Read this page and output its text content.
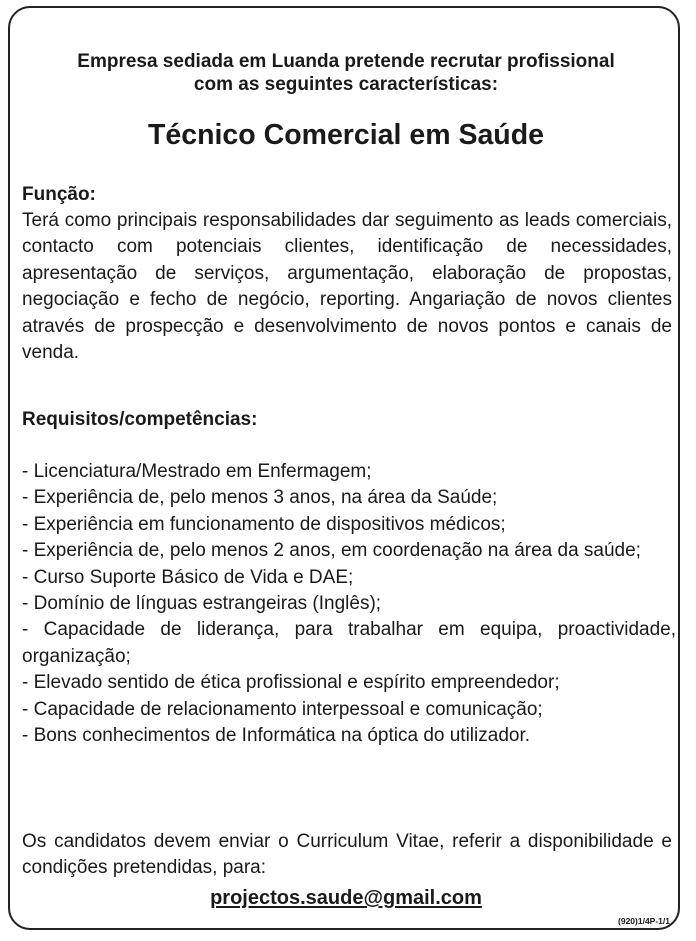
Empresa sediada em Luanda pretende recrutar profissional
com as seguintes características:
Técnico Comercial em Saúde
Função:
Terá como principais responsabilidades dar seguimento as leads comerciais, contacto com potenciais clientes, identificação de necessidades, apresentação de serviços, argumentação, elaboração de propostas, negociação e fecho de negócio, reporting. Angariação de novos clientes através de prospecção e desenvolvimento de novos pontos e canais de venda.
Requisitos/competências:
- Licenciatura/Mestrado em Enfermagem;
- Experiência de, pelo menos 3 anos, na área da Saúde;
- Experiência em funcionamento de dispositivos médicos;
- Experiência de, pelo menos 2 anos, em coordenação na área da saúde;
- Curso Suporte Básico de Vida e DAE;
- Domínio de línguas estrangeiras (Inglês);
- Capacidade de liderança, para trabalhar em equipa, proactividade, organização;
- Elevado sentido de ética profissional e espírito empreendedor;
- Capacidade de relacionamento interpessoal e comunicação;
- Bons conhecimentos de Informática na óptica do utilizador.
Os candidatos devem enviar o Curriculum Vitae, referir a disponibilidade e condições pretendidas, para:
projectos.saude@gmail.com
(920)1/4P-1/1
